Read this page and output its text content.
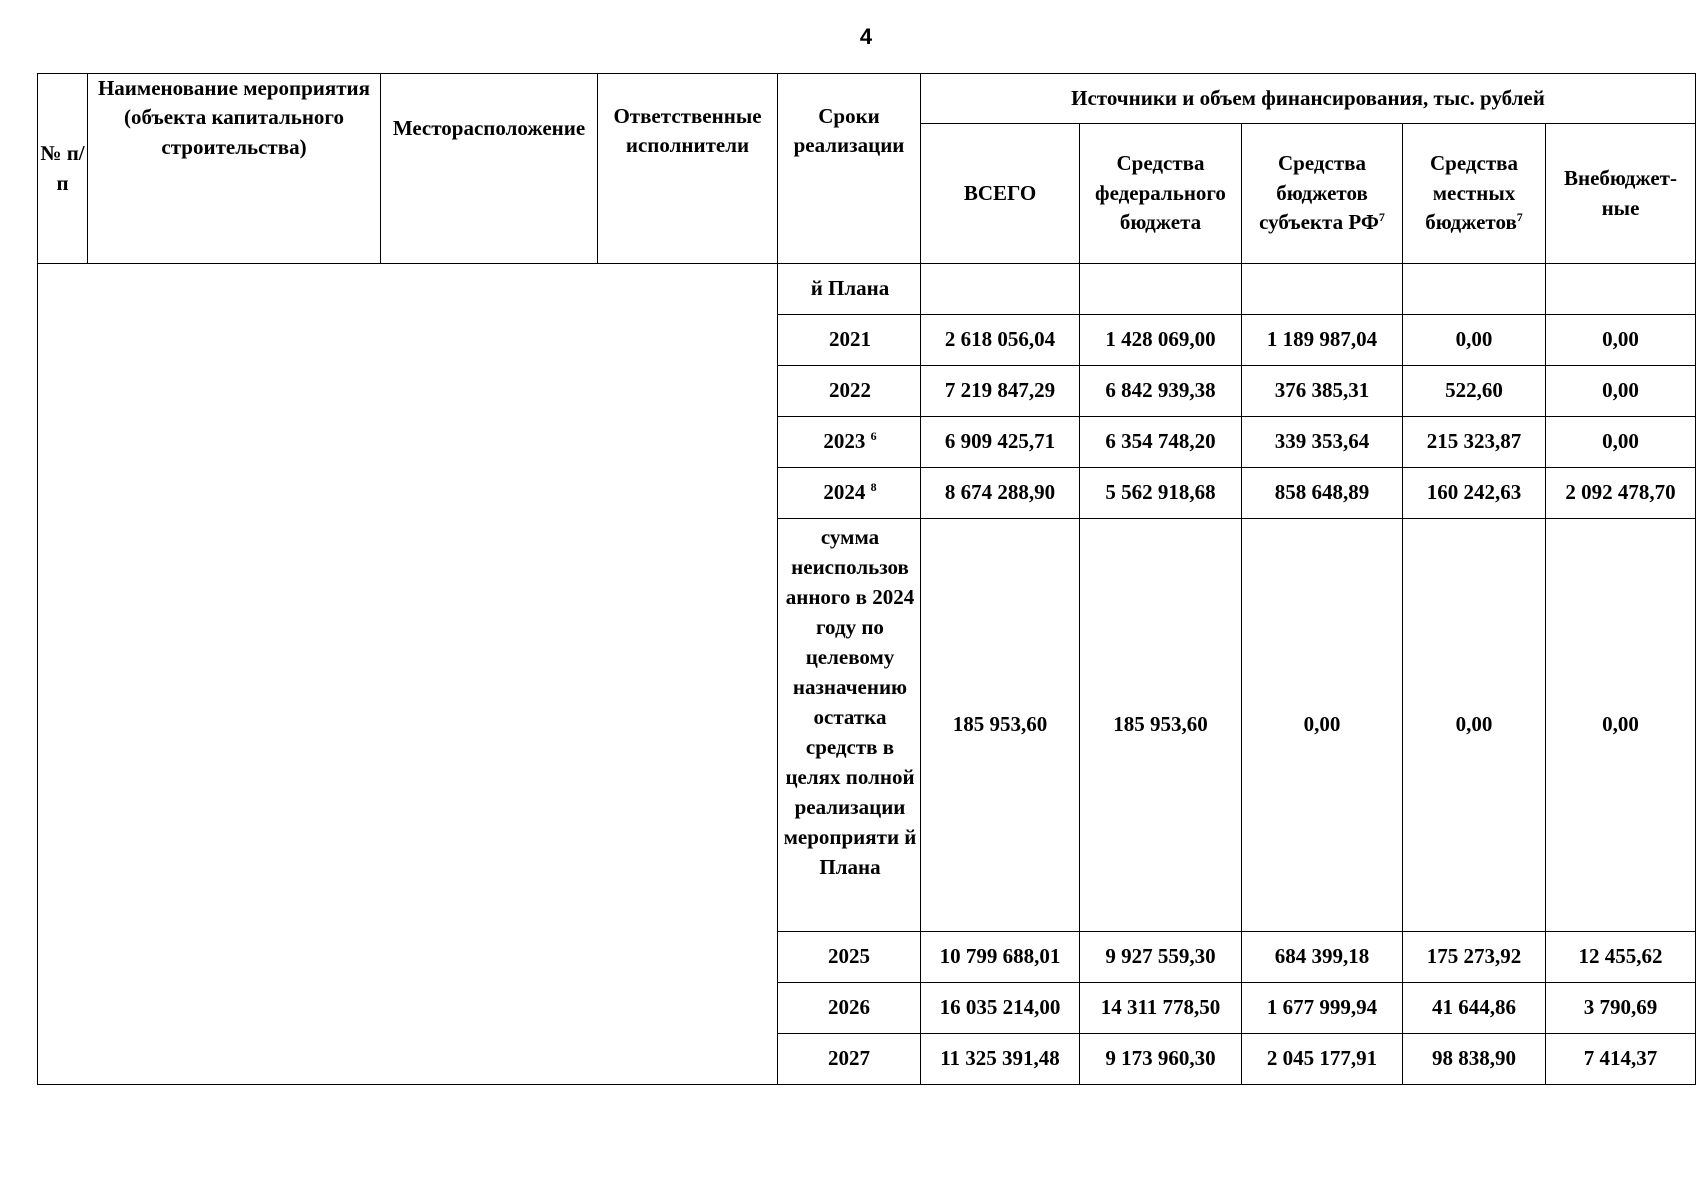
4
№ п/п	Наименование мероприятия (объекта капитального строительства)	Месторасположение	Ответственные исполнители	Сроки реализации	Источники и объем финансирования, тыс. рублей				
					ВСЕГО	Средства федерального бюджета	Средства бюджетов субъекта $РФ^7$	Средства местных бюджетов$^7$	Внебюджет-ные
				й Плана					
				2021	2 618 056,04	1 428 069,00	1 189 987,04	0,00	0,00
				2022	7 219 847,29	6 842 939,38	376 385,31	522,60	0,00
				2023 $^6$	6 909 425,71	6 354 748,20	339 353,64	215 323,87	0,00
				2024 $^8$	8 674 288,90	5 562 918,68	858 648,89	160 242,63	2 092 478,70
				сумма неиспользов анного в 2024 году по целевому назначению остатка средств в целях полной реализации мероприяти й Плана	185 953,60	185 953,60	0,00	0,00	0,00
				2025	10 799 688,01	9 927 559,30	684 399,18	175 273,92	12 455,62
				2026	16 035 214,00	14 311 778,50	1 677 999,94	41 644,86	3 790,69
				2027	11 325 391,48	9 173 960,30	2 045 177,91	98 838,90	7 414,37
